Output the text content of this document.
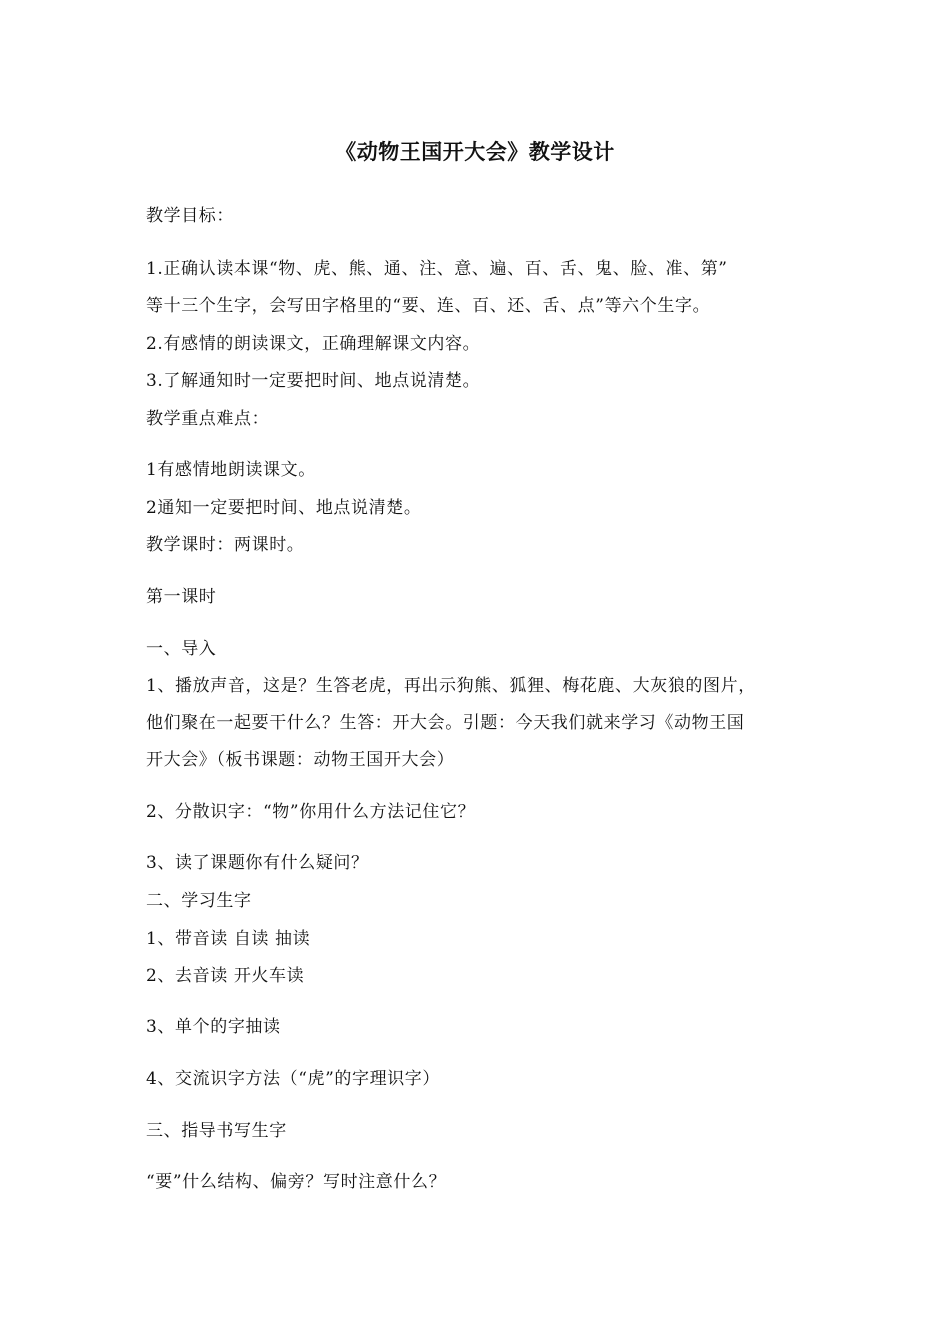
《动物王国开大会》教学设计
教学目标：
1.正确认读本课“物、虎、熊、通、注、意、遍、百、舌、鬼、脸、准、第”
等十三个生字，会写田字格里的“要、连、百、还、舌、点”等六个生字。
2.有感情的朗读课文，正确理解课文内容。
3.了解通知时一定要把时间、地点说清楚。
教学重点难点：
1有感情地朗读课文。
2通知一定要把时间、地点说清楚。
教学课时：两课时。
第一课时
一、导入
1、播放声音，这是？生答老虎，再出示狗熊、狐狸、梅花鹿、大灰狼的图片，
他们聚在一起要干什么？生答：开大会。引题：今天我们就来学习《动物王国
开大会》（板书课题：动物王国开大会）
2、分散识字：“物”你用什么方法记住它？
3、读了课题你有什么疑问？
二、学习生字
1、带音读 自读 抽读
2、去音读 开火车读
3、单个的字抽读
4、交流识字方法（“虎”的字理识字）
三、指导书写生字
“要”什么结构、偏旁？写时注意什么？
